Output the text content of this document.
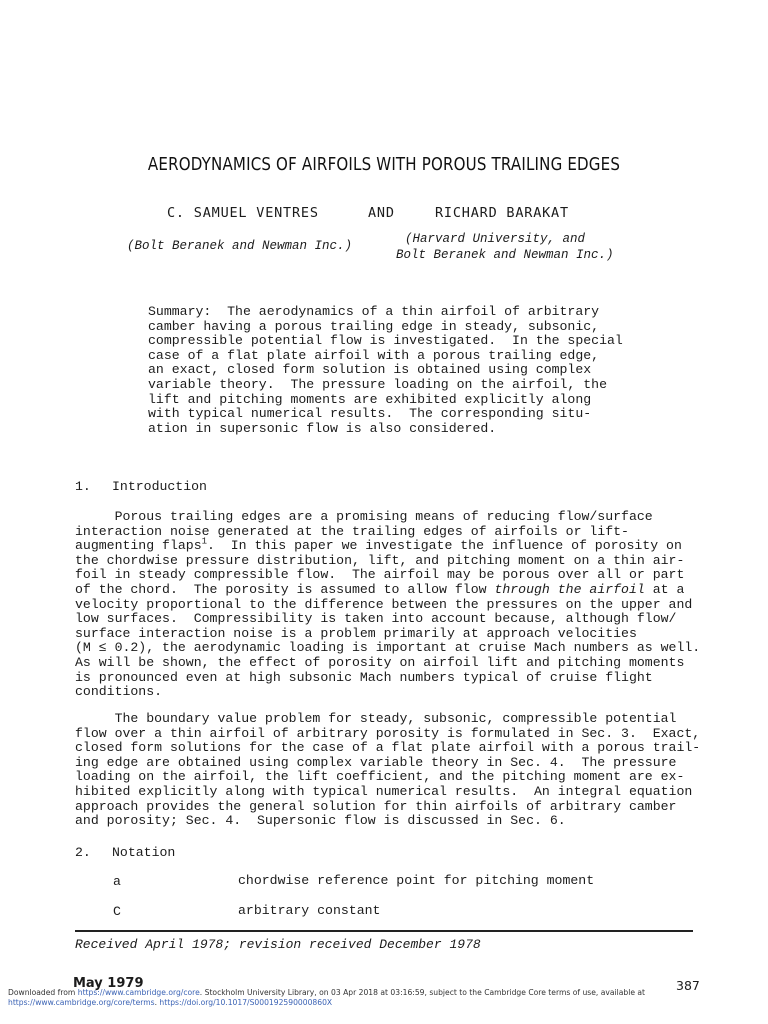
AERODYNAMICS OF AIRFOILS WITH POROUS TRAILING EDGES
C. SAMUEL VENTRES	AND	RICHARD BARAKAT
(Bolt Beranek and Newman Inc.)	(Harvard University, and
Bolt Beranek and Newman Inc.)
Summary:  The aerodynamics of a thin airfoil of arbitrary
camber having a porous trailing edge in steady, subsonic,
compressible potential flow is investigated.  In the special
case of a flat plate airfoil with a porous trailing edge,
an exact, closed form solution is obtained using complex
variable theory.  The pressure loading on the airfoil, the
lift and pitching moments are exhibited explicitly along
with typical numerical results.  The corresponding situ-
ation in supersonic flow is also considered.
1. Introduction
Porous trailing edges are a promising means of reducing flow/surface
interaction noise generated at the trailing edges of airfoils or lift-
augmenting flaps$^1$.  In this paper we investigate the influence of porosity on
the chordwise pressure distribution, lift, and pitching moment on a thin air-
foil in steady compressible flow.  The airfoil may be porous over all or part
of the chord.  The porosity is assumed to allow flow through the airfoil at a
velocity proportional to the difference between the pressures on the upper and
low surfaces.  Compressibility is taken into account because, although flow/
surface interaction noise is a problem primarily at approach velocities
(M ≤ 0.2), the aerodynamic loading is important at cruise Mach numbers as well.
As will be shown, the effect of porosity on airfoil lift and pitching moments
is pronounced even at high subsonic Mach numbers typical of cruise flight
conditions.
The boundary value problem for steady, subsonic, compressible potential
flow over a thin airfoil of arbitrary porosity is formulated in Sec. 3.  Exact,
closed form solutions for the case of a flat plate airfoil with a porous trail-
ing edge are obtained using complex variable theory in Sec. 4.  The pressure
loading on the airfoil, the lift coefficient, and the pitching moment are ex-
hibited explicitly along with typical numerical results.  An integral equation
approach provides the general solution for thin airfoils of arbitrary camber
and porosity; Sec. 4.  Supersonic flow is discussed in Sec. 6.
2. Notation
a	chordwise reference point for pitching moment
C	arbitrary constant
Received April 1978; revision received December 1978
May 1979	387
Downloaded from https://www.cambridge.org/core. Stockholm University Library, on 03 Apr 2018 at 03:16:59, subject to the Cambridge Core terms of use, available at
https://www.cambridge.org/core/terms. https://doi.org/10.1017/S000192590000860X
